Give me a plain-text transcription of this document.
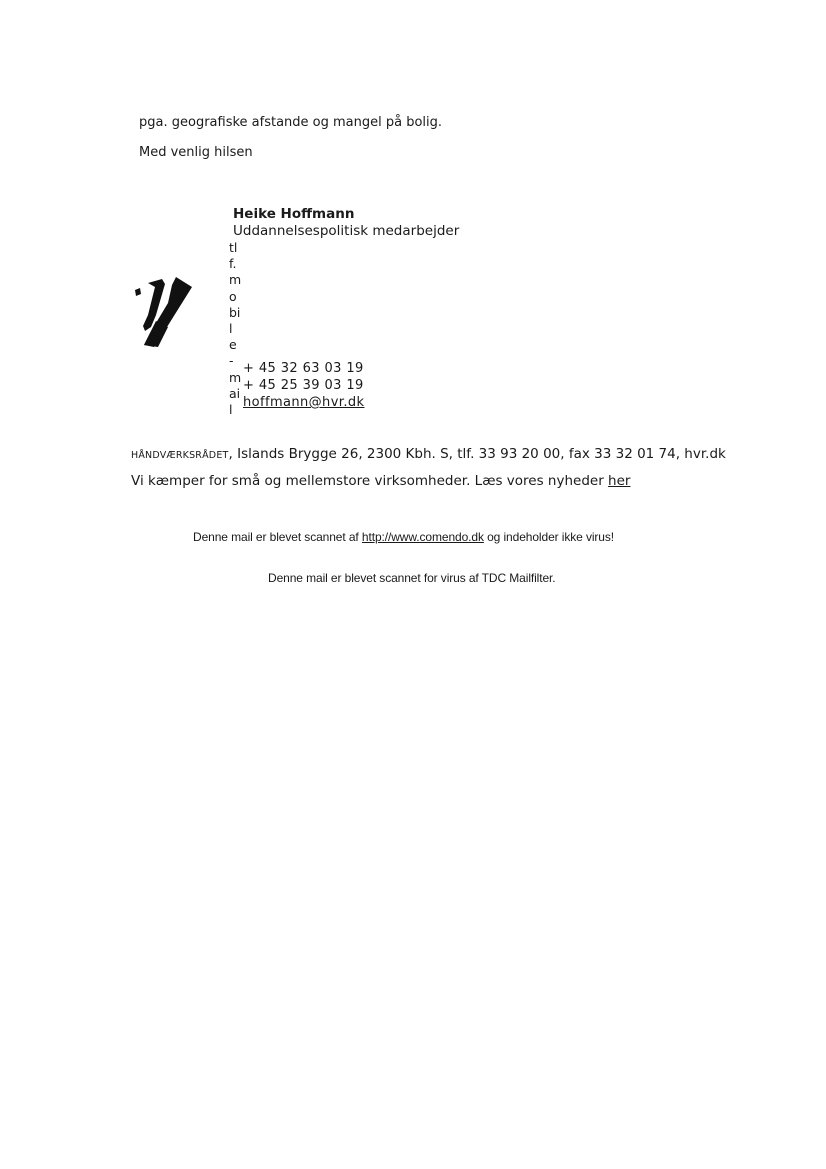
pga. geografiske afstande og mangel på bolig.
Med venlig hilsen
Heike Hoffmann
Uddannelsespolitisk medarbejder
tl
f.
m
o
bi
l
e
-
m
ai
l
+ 45 32 63 03 19
+ 45 25 39 03 19
hoffmann@hvr.dk
HÅNDVÆRKSRÅDET, Islands Brygge 26, 2300 Kbh. S, tlf. 33 93 20 00, fax 33 32 01 74, hvr.dk
Vi kæmper for små og mellemstore virksomheder. Læs vores nyheder her
Denne mail er blevet scannet af http://www.comendo.dk og indeholder ikke virus!
Denne mail er blevet scannet for virus af TDC Mailfilter.
